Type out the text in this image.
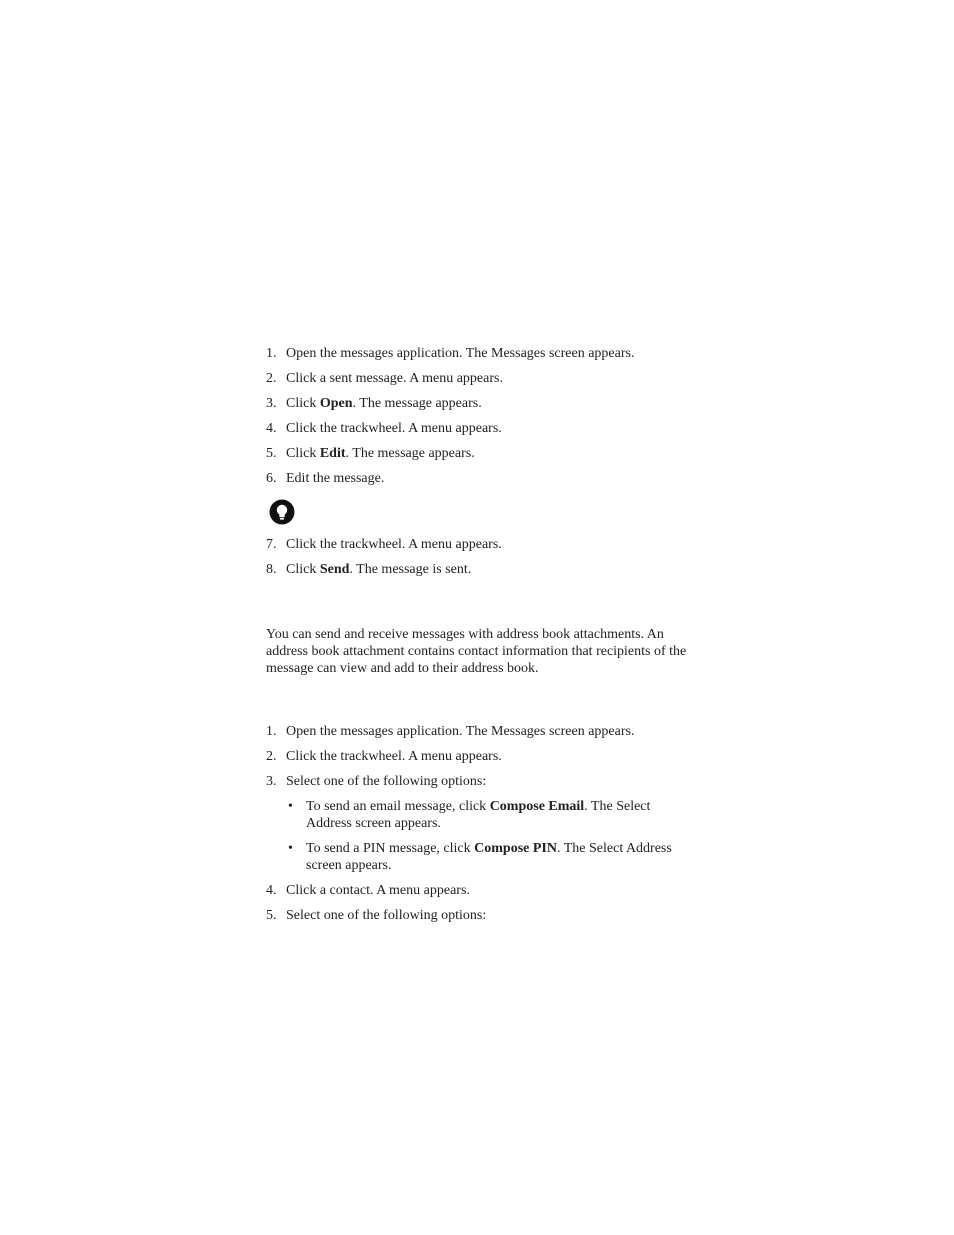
1. Open the messages application. The Messages screen appears.
2. Click a sent message. A menu appears.
3. Click Open. The message appears.
4. Click the trackwheel. A menu appears.
5. Click Edit. The message appears.
6. Edit the message.
7. Click the trackwheel. A menu appears.
8. Click Send. The message is sent.
You can send and receive messages with address book attachments. An address book attachment contains contact information that recipients of the message can view and add to their address book.
1. Open the messages application. The Messages screen appears.
2. Click the trackwheel. A menu appears.
3. Select one of the following options:
• To send an email message, click Compose Email. The Select Address screen appears.
• To send a PIN message, click Compose PIN. The Select Address screen appears.
4. Click a contact. A menu appears.
5. Select one of the following options:
